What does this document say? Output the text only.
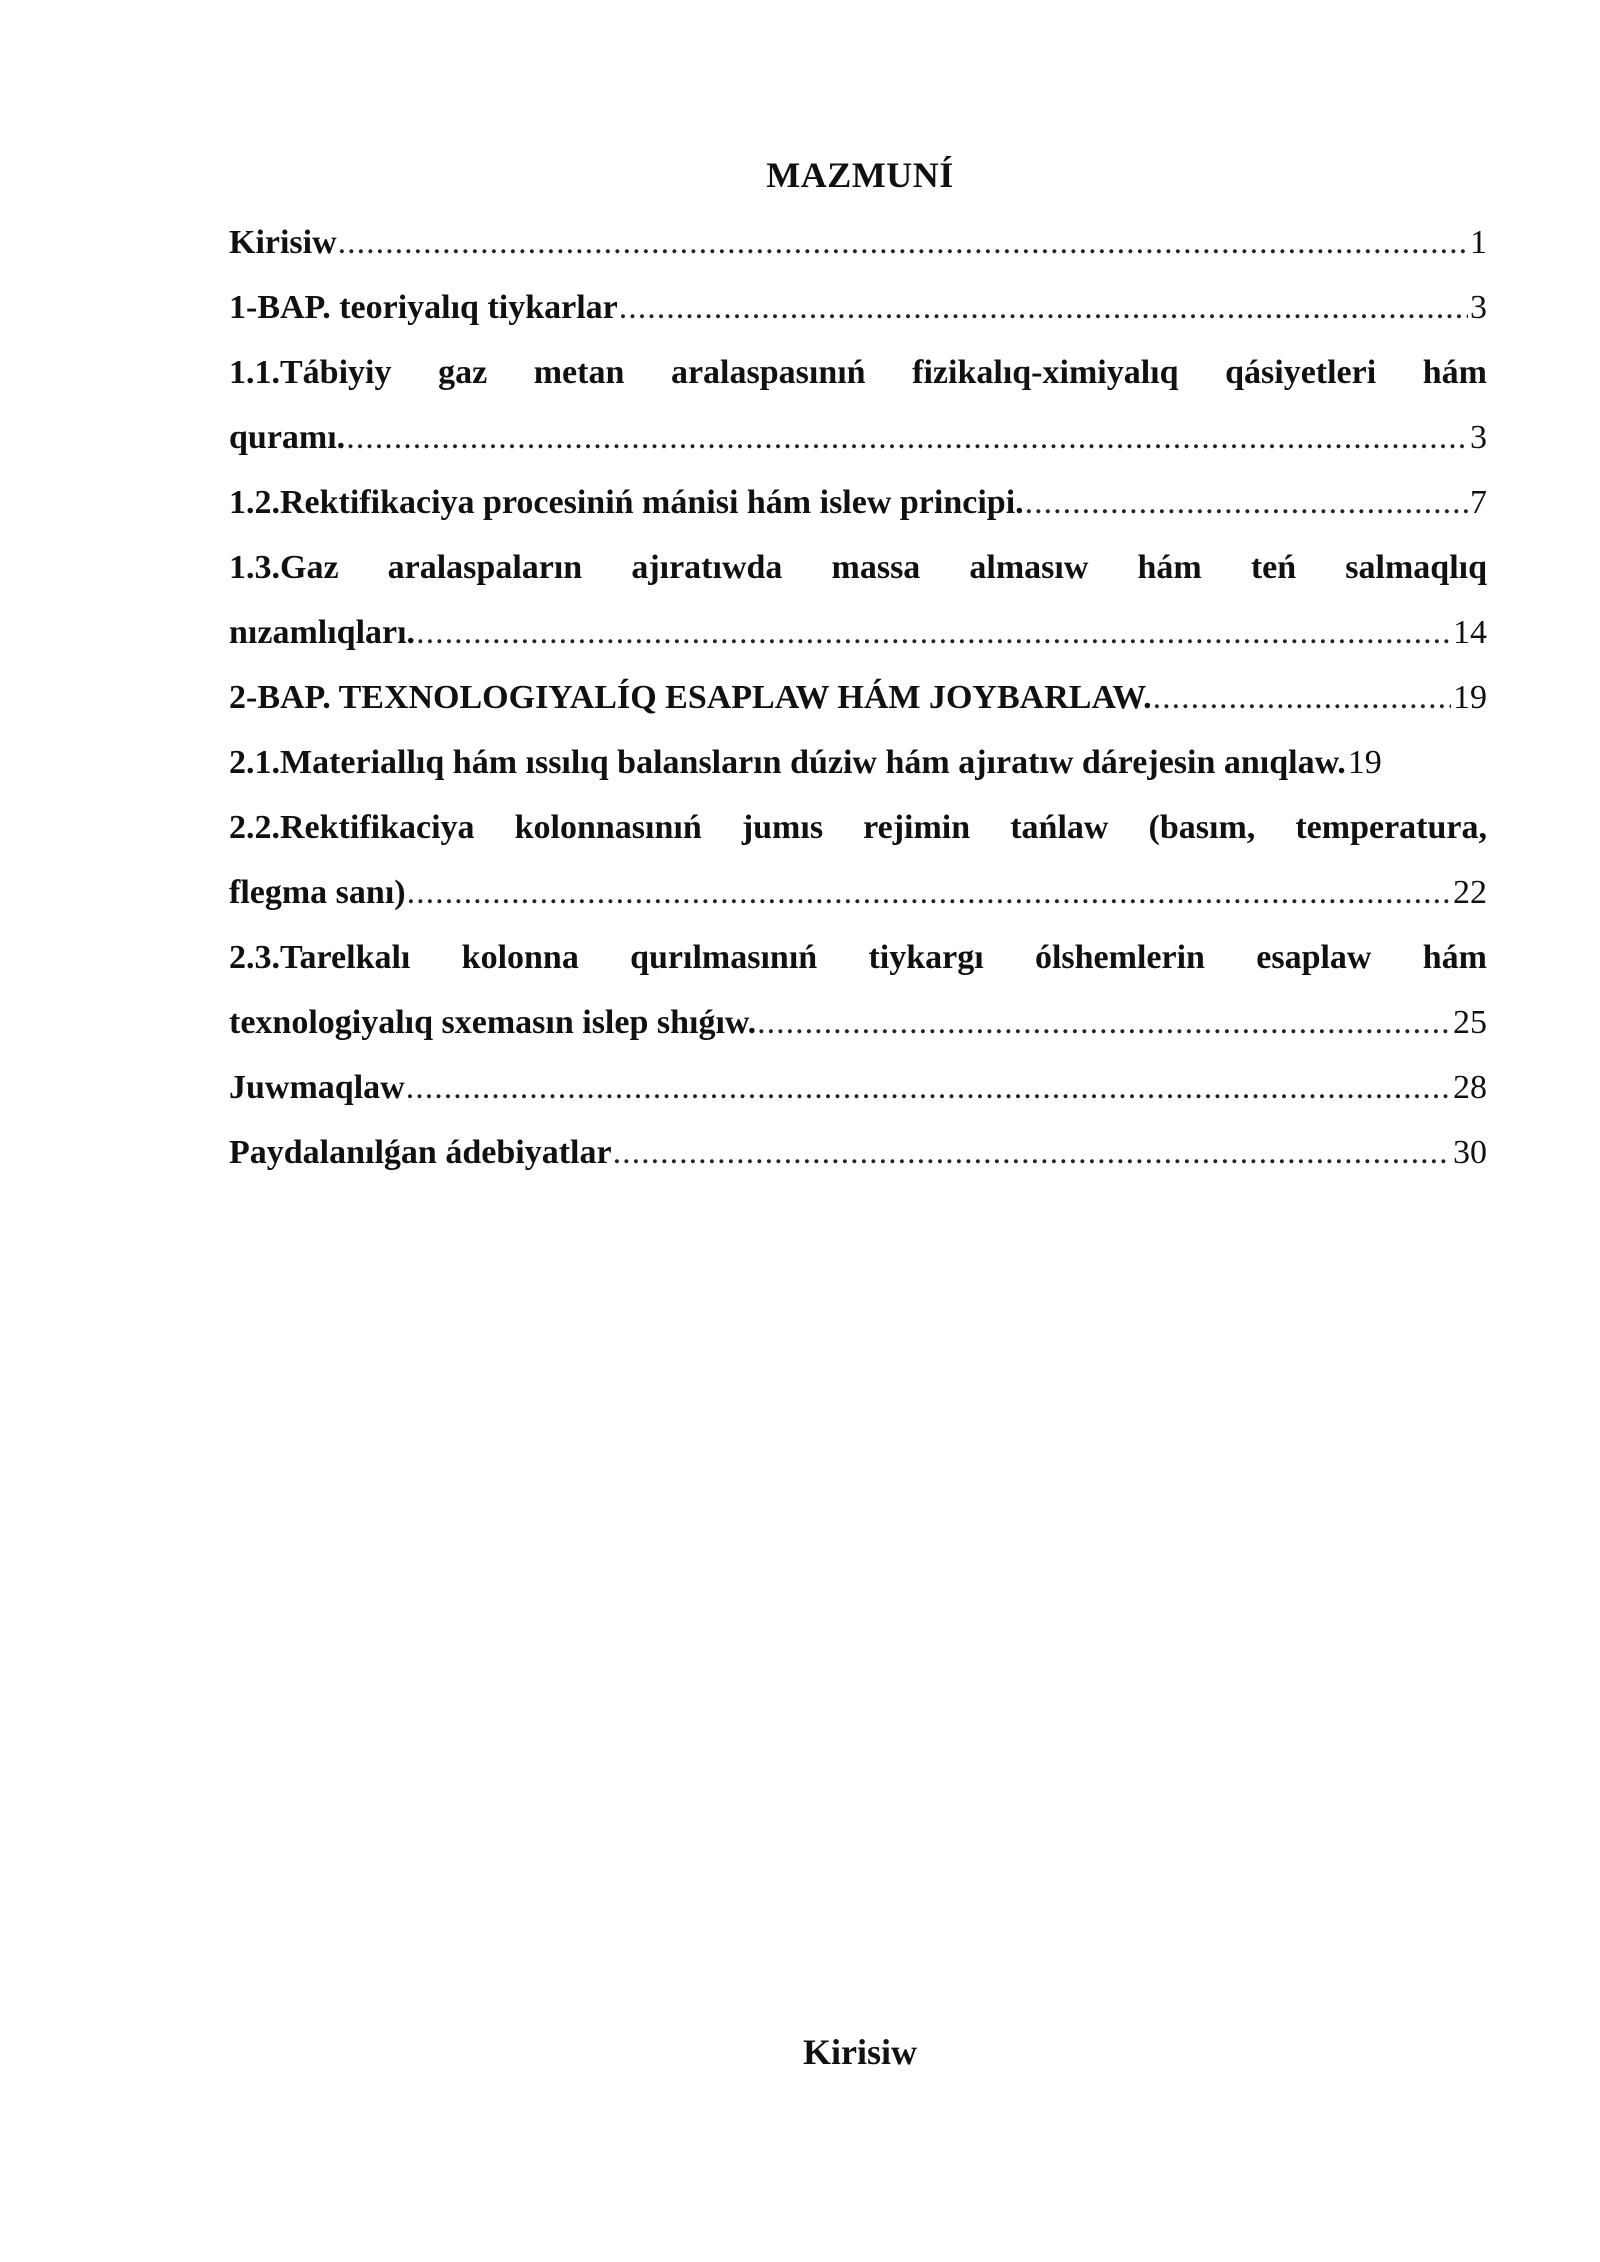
MAZMUNÍ
Kirisiw .....	1
1-BAP. teoriyalıq tiykarlar .....	3
1.1.Tábiyiy gaz metan aralaspasınıń fizikalıq-ximiyalıq qásiyetleri hám
quramı. .....	3
1.2.Rektifikaciya procesiniń mánisi hám islew principi. .....	7
1.3.Gaz aralaspaların ajıratıwda massa almasıw hám teń salmaqlıq
nızamlıqları. .....	14
2-BAP. TEXNOLOGIYALÍQ ESAPLAW HÁM JOYBARLAW. .....	19
2.1.Materiallıq hám ıssılıq balansların dúziw hám ajıratıw dárejesin anıqlaw. 19
2.2.Rektifikaciya kolonnasınıń jumıs rejimin tańlaw (basım, temperatura,
flegma sanı) .....	22
2.3.Tarelkalı kolonna qurılmasınıń tiykargı ólshemlerin esaplaw hám
texnologiyalıq sxemasın islep shıǵıw. .....	25
Juwmaqlaw .....	28
Paydalanılǵan ádebiyatlar .....	30
Kirisiw
